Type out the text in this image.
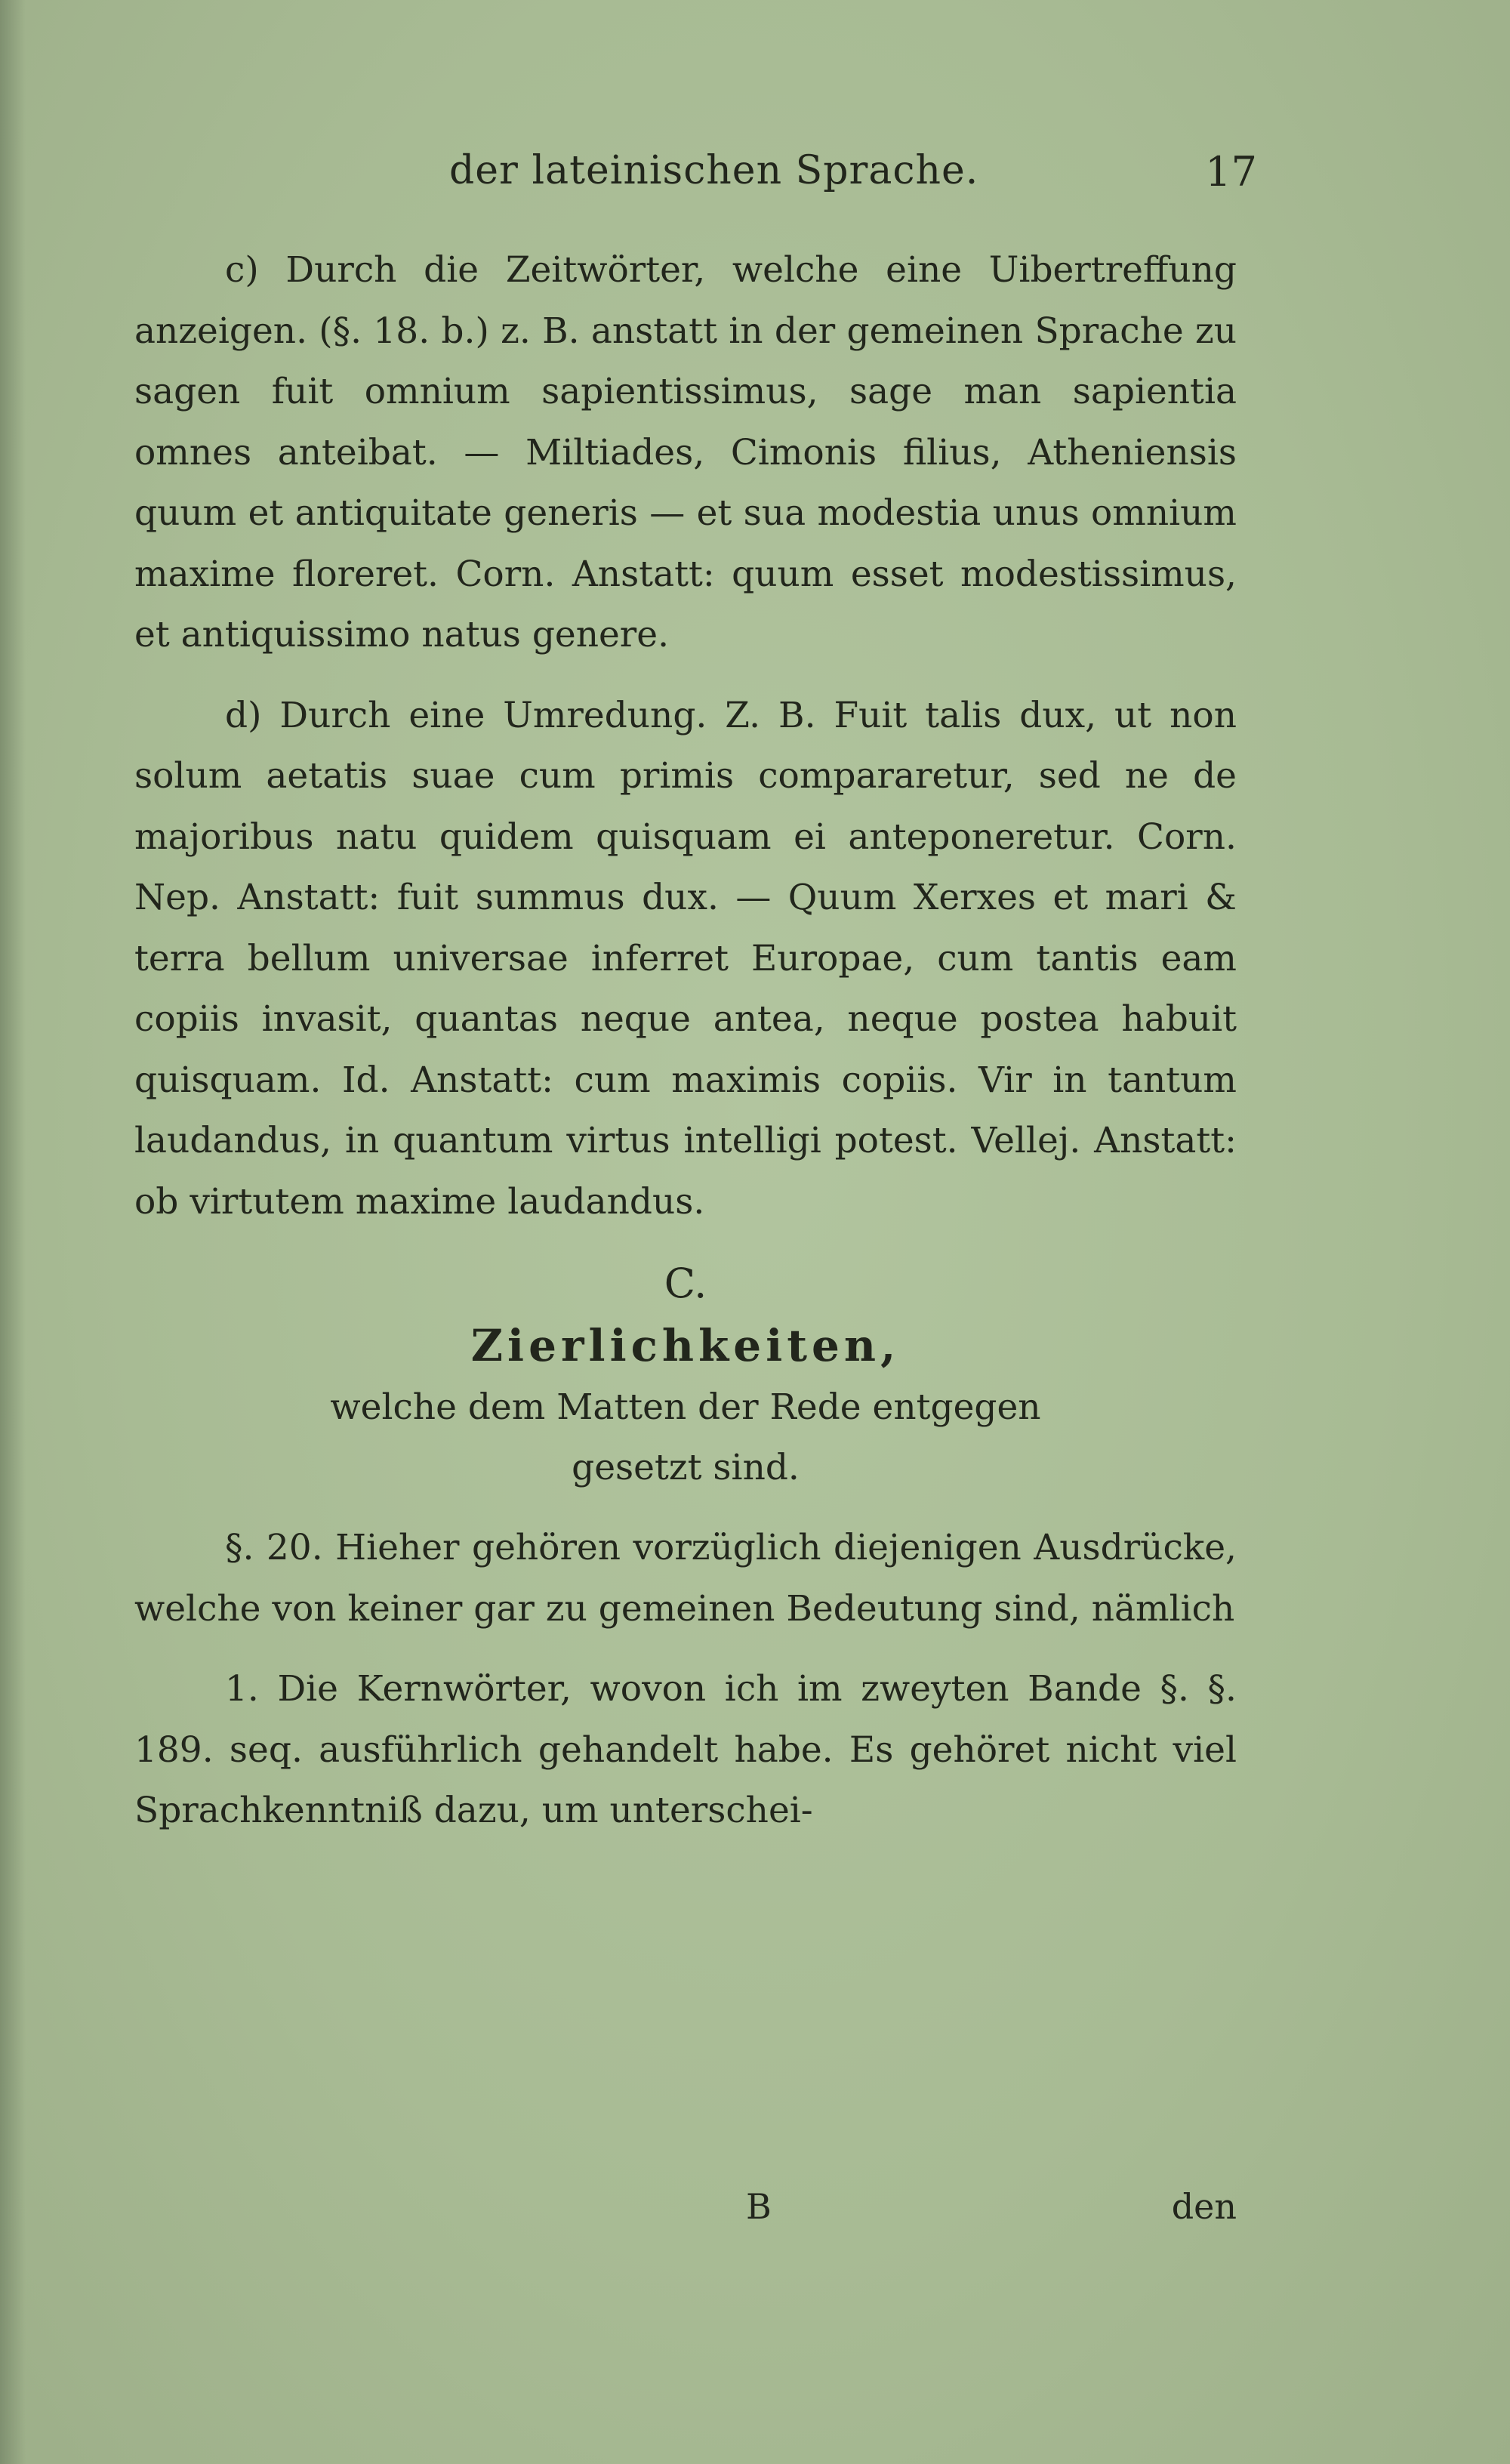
der lateinischen Sprache.	17

c) Durch die Zeitwörter, welche eine Uibertreffung anzeigen. (§. 18. b.) z. B. anstatt in der gemeinen Sprache zu sagen fuit omnium sapientissimus, sage man sapientia omnes anteibat. — Miltiades, Cimonis filius, Atheniensis quum et antiquitate generis — et sua modestia unus omnium maxime floreret. Corn. Anstatt: quum esset modestissimus, et antiquissimo natus genere.

d) Durch eine Umredung. Z. B. Fuit talis dux, ut non solum aetatis suae cum primis compararetur, sed ne de majoribus natu quidem quisquam ei anteponeretur. Corn. Nep. Anstatt: fuit summus dux. — Quum Xerxes et mari & terra bellum universae inferret Europae, cum tantis eam copiis invasit, quantas neque antea, neque postea habuit quisquam. Id. Anstatt: cum maximis copiis. Vir in tantum laudandus, in quantum virtus intelligi potest. Vellej. Anstatt: ob virtutem maxime laudandus.

C.
Zierlichkeiten,
welche dem Matten der Rede entgegen
gesetzt sind.

§. 20. Hieher gehören vorzüglich diejenigen Ausdrücke, welche von keiner gar zu gemeinen Bedeutung sind, nämlich

1. Die Kernwörter, wovon ich im zweyten Bande §. §. 189. seq. ausführlich gehandelt habe. Es gehöret nicht viel Sprachkenntniß dazu, um unterschei-

B	den
